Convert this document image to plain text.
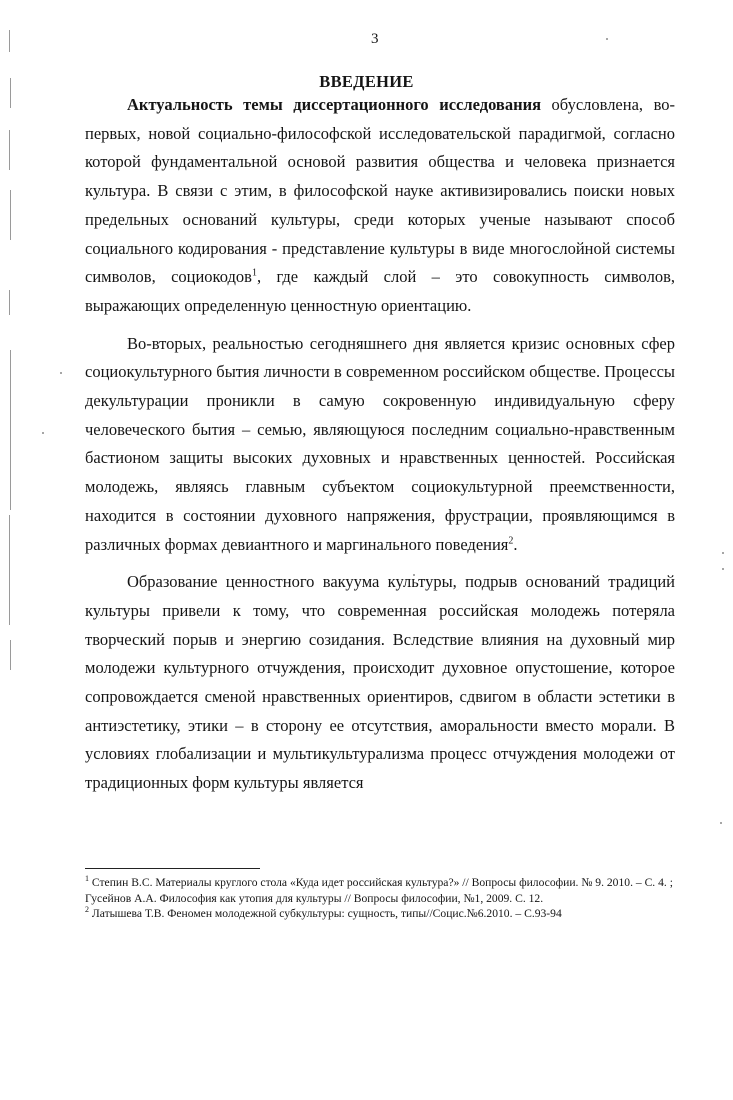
3
ВВЕДЕНИЕ

Актуальность темы диссертационного исследования обусловлена, во-первых, новой социально-философской исследовательской парадигмой, согласно которой фундаментальной основой развития общества и человека признается культура. В связи с этим, в философской науке активизировались поиски новых предельных оснований культуры, среди которых ученые называют способ социального кодирования - представление культуры в виде многослойной системы символов, социокодов$^1$, где каждый слой – это совокупность символов, выражающих определенную ценностную ориентацию.

Во-вторых, реальностью сегодняшнего дня является кризис основных сфер социокультурного бытия личности в современном российском обществе. Процессы декультурации проникли в самую сокровенную индивидуальную сферу человеческого бытия – семью, являющуюся последним социально-нравственным бастионом защиты высоких духовных и нравственных ценностей. Российская молодежь, являясь главным субъектом социокультурной преемственности, находится в состоянии духовного напряжения, фрустрации, проявляющимся в различных формах девиантного и маргинального поведения$^2$.

Образование ценностного вакуума культуры, подрыв оснований традиций культуры привели к тому, что современная российская молодежь потеряла творческий порыв и энергию созидания. Вследствие влияния на духовный мир молодежи культурного отчуждения, происходит духовное опустошение, которое сопровождается сменой нравственных ориентиров, сдвигом в области эстетики в антиэстетику, этики – в сторону ее отсутствия, аморальности вместо морали. В условиях глобализации и мультикультурализма процесс отчуждения молодежи от традиционных форм культуры является

$^1$ Степин В.С. Материалы круглого стола «Куда идет российская культура?» // Вопросы философии. № 9. 2010. – С. 4. ; Гусейнов А.А. Философия как утопия для культуры // Вопросы философии, №1, 2009. С. 12.
$^2$ Латышева Т.В. Феномен молодежной субкультуры: сущность, типы//Социс.№6.2010. – С.93-94
